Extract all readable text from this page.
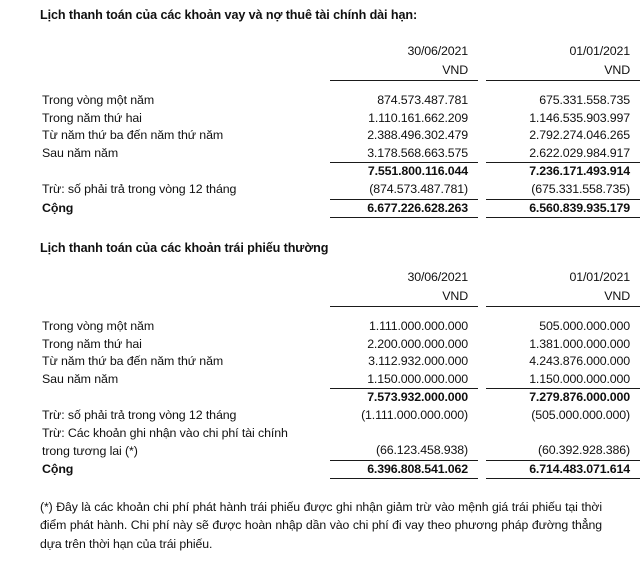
Lịch thanh toán của các khoản vay và nợ thuê tài chính dài hạn:
	30/06/2021		01/01/2021
	VND		VND

Trong vòng một năm	874.573.487.781		675.331.558.735
Trong năm thứ hai	1.110.161.662.209		1.146.535.903.997
Từ năm thứ ba đến năm thứ năm	2.388.496.302.479		2.792.274.046.265
Sau năm năm	3.178.568.663.575		2.622.029.984.917
	7.551.800.116.044		7.236.171.493.914
Trừ: số phải trả trong vòng 12 tháng	(874.573.487.781)		(675.331.558.735)
Cộng	6.677.226.628.263		6.560.839.935.179
Lịch thanh toán của các khoản trái phiếu thường
	30/06/2021		01/01/2021
	VND		VND

Trong vòng một năm	1.111.000.000.000		505.000.000.000
Trong năm thứ hai	2.200.000.000.000		1.381.000.000.000
Từ năm thứ ba đến năm thứ năm	3.112.932.000.000		4.243.876.000.000
Sau năm năm	1.150.000.000.000		1.150.000.000.000
	7.573.932.000.000		7.279.876.000.000
Trừ: số phải trả trong vòng 12 tháng	(1.111.000.000.000)		(505.000.000.000)
Trừ: Các khoản ghi nhận vào chi phí tài chính			
trong tương lai (*)	(66.123.458.938)		(60.392.928.386)
Cộng	6.396.808.541.062		6.714.483.071.614
(*) Đây là các khoản chi phí phát hành trái phiếu được ghi nhận giảm trừ vào mệnh giá trái phiếu tại thời điểm phát hành. Chi phí này sẽ được hoàn nhập dần vào chi phí đi vay theo phương pháp đường thẳng dựa trên thời hạn của trái phiếu.
